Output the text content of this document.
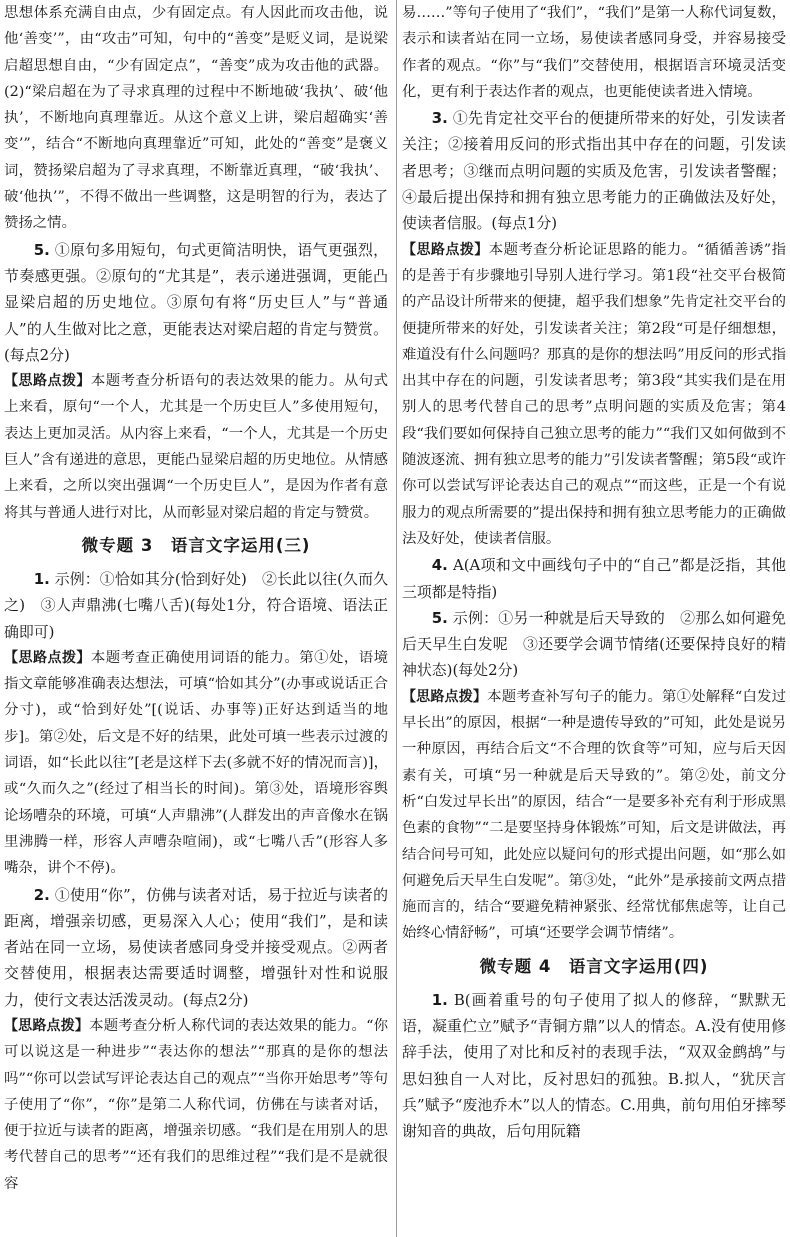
思想体系充满自由点，少有固定点。有人因此而攻击他，说他‘善变’”，由“攻击”可知，句中的“善变”是贬义词，是说梁启超思想自由，“少有固定点”，“善变”成为攻击他的武器。(2)“梁启超在为了寻求真理的过程中不断地破‘我执’、破‘他执’，不断地向真理靠近。从这个意义上讲，梁启超确实‘善变’”，结合“不断地向真理靠近”可知，此处的“善变”是褒义词，赞扬梁启超为了寻求真理，不断靠近真理，“破‘我执’、破‘他执’”，不得不做出一些调整，这是明智的行为，表达了赞扬之情。

5. ①原句多用短句，句式更简洁明快，语气更强烈，节奏感更强。②原句的“尤其是”，表示递进强调，更能凸显梁启超的历史地位。③原句有将“历史巨人”与“普通人”的人生做对比之意，更能表达对梁启超的肯定与赞赏。(每点2分)

【思路点拨】本题考查分析语句的表达效果的能力。从句式上来看，原句“一个人，尤其是一个历史巨人”多使用短句，表达上更加灵活。从内容上来看，“一个人，尤其是一个历史巨人”含有递进的意思，更能凸显梁启超的历史地位。从情感上来看，之所以突出强调“一个历史巨人”，是因为作者有意将其与普通人进行对比，从而彰显对梁启超的肯定与赞赏。

微专题 3　语言文字运用(三)

1. 示例：①恰如其分(恰到好处)　②长此以往(久而久之)　③人声鼎沸(七嘴八舌)(每处1分，符合语境、语法正确即可)

【思路点拨】本题考查正确使用词语的能力。第①处，语境指文章能够准确表达想法，可填“恰如其分”(办事或说话正合分寸)，或“恰到好处”[(说话、办事等)正好达到适当的地步]。第②处，后文是不好的结果，此处可填一些表示过渡的词语，如“长此以往”[老是这样下去(多就不好的情况而言)]，或“久而久之”(经过了相当长的时间)。第③处，语境形容舆论场嘈杂的环境，可填“人声鼎沸”(人群发出的声音像水在锅里沸腾一样，形容人声嘈杂喧闹)，或“七嘴八舌”(形容人多嘴杂，讲个不停)。

2. ①使用“你”，仿佛与读者对话，易于拉近与读者的距离，增强亲切感，更易深入人心；使用“我们”，是和读者站在同一立场，易使读者感同身受并接受观点。②两者交替使用，根据表达需要适时调整，增强针对性和说服力，使行文表达活泼灵动。(每点2分)

【思路点拨】本题考查分析人称代词的表达效果的能力。“你可以说这是一种进步”“表达你的想法”“那真的是你的想法吗”“你可以尝试写评论表达自己的观点”“当你开始思考”等句子使用了“你”，“你”是第二人称代词，仿佛在与读者对话，便于拉近与读者的距离，增强亲切感。“我们是在用别人的思考代替自己的思考”“还有我们的思维过程”“我们是不是就很容

易……”等句子使用了“我们”，“我们”是第一人称代词复数，表示和读者站在同一立场，易使读者感同身受，并容易接受作者的观点。“你”与“我们”交替使用，根据语言环境灵活变化，更有利于表达作者的观点，也更能使读者进入情境。

3. ①先肯定社交平台的便捷所带来的好处，引发读者关注；②接着用反问的形式指出其中存在的问题，引发读者思考；③继而点明问题的实质及危害，引发读者警醒；④最后提出保持和拥有独立思考能力的正确做法及好处，使读者信服。(每点1分)

【思路点拨】本题考查分析论证思路的能力。“循循善诱”指的是善于有步骤地引导别人进行学习。第1段“社交平台极简的产品设计所带来的便捷，超乎我们想象”先肯定社交平台的便捷所带来的好处，引发读者关注；第2段“可是仔细想想，难道没有什么问题吗？那真的是你的想法吗”用反问的形式指出其中存在的问题，引发读者思考；第3段“其实我们是在用别人的思考代替自己的思考”点明问题的实质及危害；第4段“我们要如何保持自己独立思考的能力”“我们又如何做到不随波逐流、拥有独立思考的能力”引发读者警醒；第5段“或许你可以尝试写评论表达自己的观点”“而这些，正是一个有说服力的观点所需要的”提出保持和拥有独立思考能力的正确做法及好处，使读者信服。

4. A(A项和文中画线句子中的“自己”都是泛指，其他三项都是特指)

5. 示例：①另一种就是后天导致的　②那么如何避免后天早生白发呢　③还要学会调节情绪(还要保持良好的精神状态)(每处2分)

【思路点拨】本题考查补写句子的能力。第①处解释“白发过早长出”的原因，根据“一种是遗传导致的”可知，此处是说另一种原因，再结合后文“不合理的饮食等”可知，应与后天因素有关，可填“另一种就是后天导致的”。第②处，前文分析“白发过早长出”的原因，结合“一是要多补充有利于形成黑色素的食物”“二是要坚持身体锻炼”可知，后文是讲做法，再结合问号可知，此处应以疑问句的形式提出问题，如“那么如何避免后天早生白发呢”。第③处，“此外”是承接前文两点措施而言的，结合“要避免精神紧张、经常忧郁焦虑等，让自己始终心情舒畅”，可填“还要学会调节情绪”。

微专题 4　语言文字运用(四)

1. B(画着重号的句子使用了拟人的修辞，“默默无语，凝重伫立”赋予“青铜方鼎”以人的情态。A.没有使用修辞手法，使用了对比和反衬的表现手法，“双双金鹧鸪”与思妇独自一人对比，反衬思妇的孤独。B.拟人，“犹厌言兵”赋予“废池乔木”以人的情态。C.用典，前句用伯牙摔琴谢知音的典故，后句用阮籍
